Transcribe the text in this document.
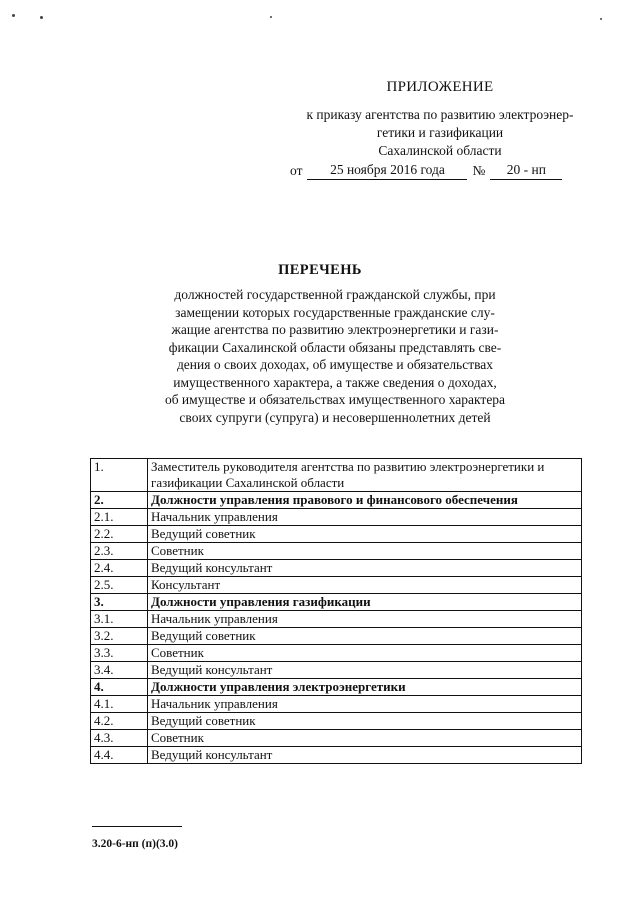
ПРИЛОЖЕНИЕ
к приказу агентства по развитию электроэнер-
гетики и газификации
Сахалинской области
от	25 ноября 2016 года	№	20 - нп
ПЕРЕЧЕНЬ
должностей государственной гражданской службы, при
замещении которых государственные гражданские слу-
жащие агентства по развитию электроэнергетики и гази-
фикации Сахалинской области обязаны представлять све-
дения о своих доходах, об имуществе и обязательствах
имущественного характера, а также сведения о доходах,
об имуществе и обязательствах имущественного характера
своих супруги (супруга) и несовершеннолетних детей
1.	Заместитель руководителя агентства по развитию электроэнергетики и газификации Сахалинской области
2.	Должности управления правового и финансового обеспечения
2.1.	Начальник управления
2.2.	Ведущий советник
2.3.	Советник
2.4.	Ведущий консультант
2.5.	Консультант
3.	Должности управления газификации
3.1.	Начальник управления
3.2.	Ведущий советник
3.3.	Советник
3.4.	Ведущий консультант
4.	Должности управления электроэнергетики
4.1.	Начальник управления
4.2.	Ведущий советник
4.3.	Советник
4.4.	Ведущий консультант
3.20-6-нп (п)(3.0)
